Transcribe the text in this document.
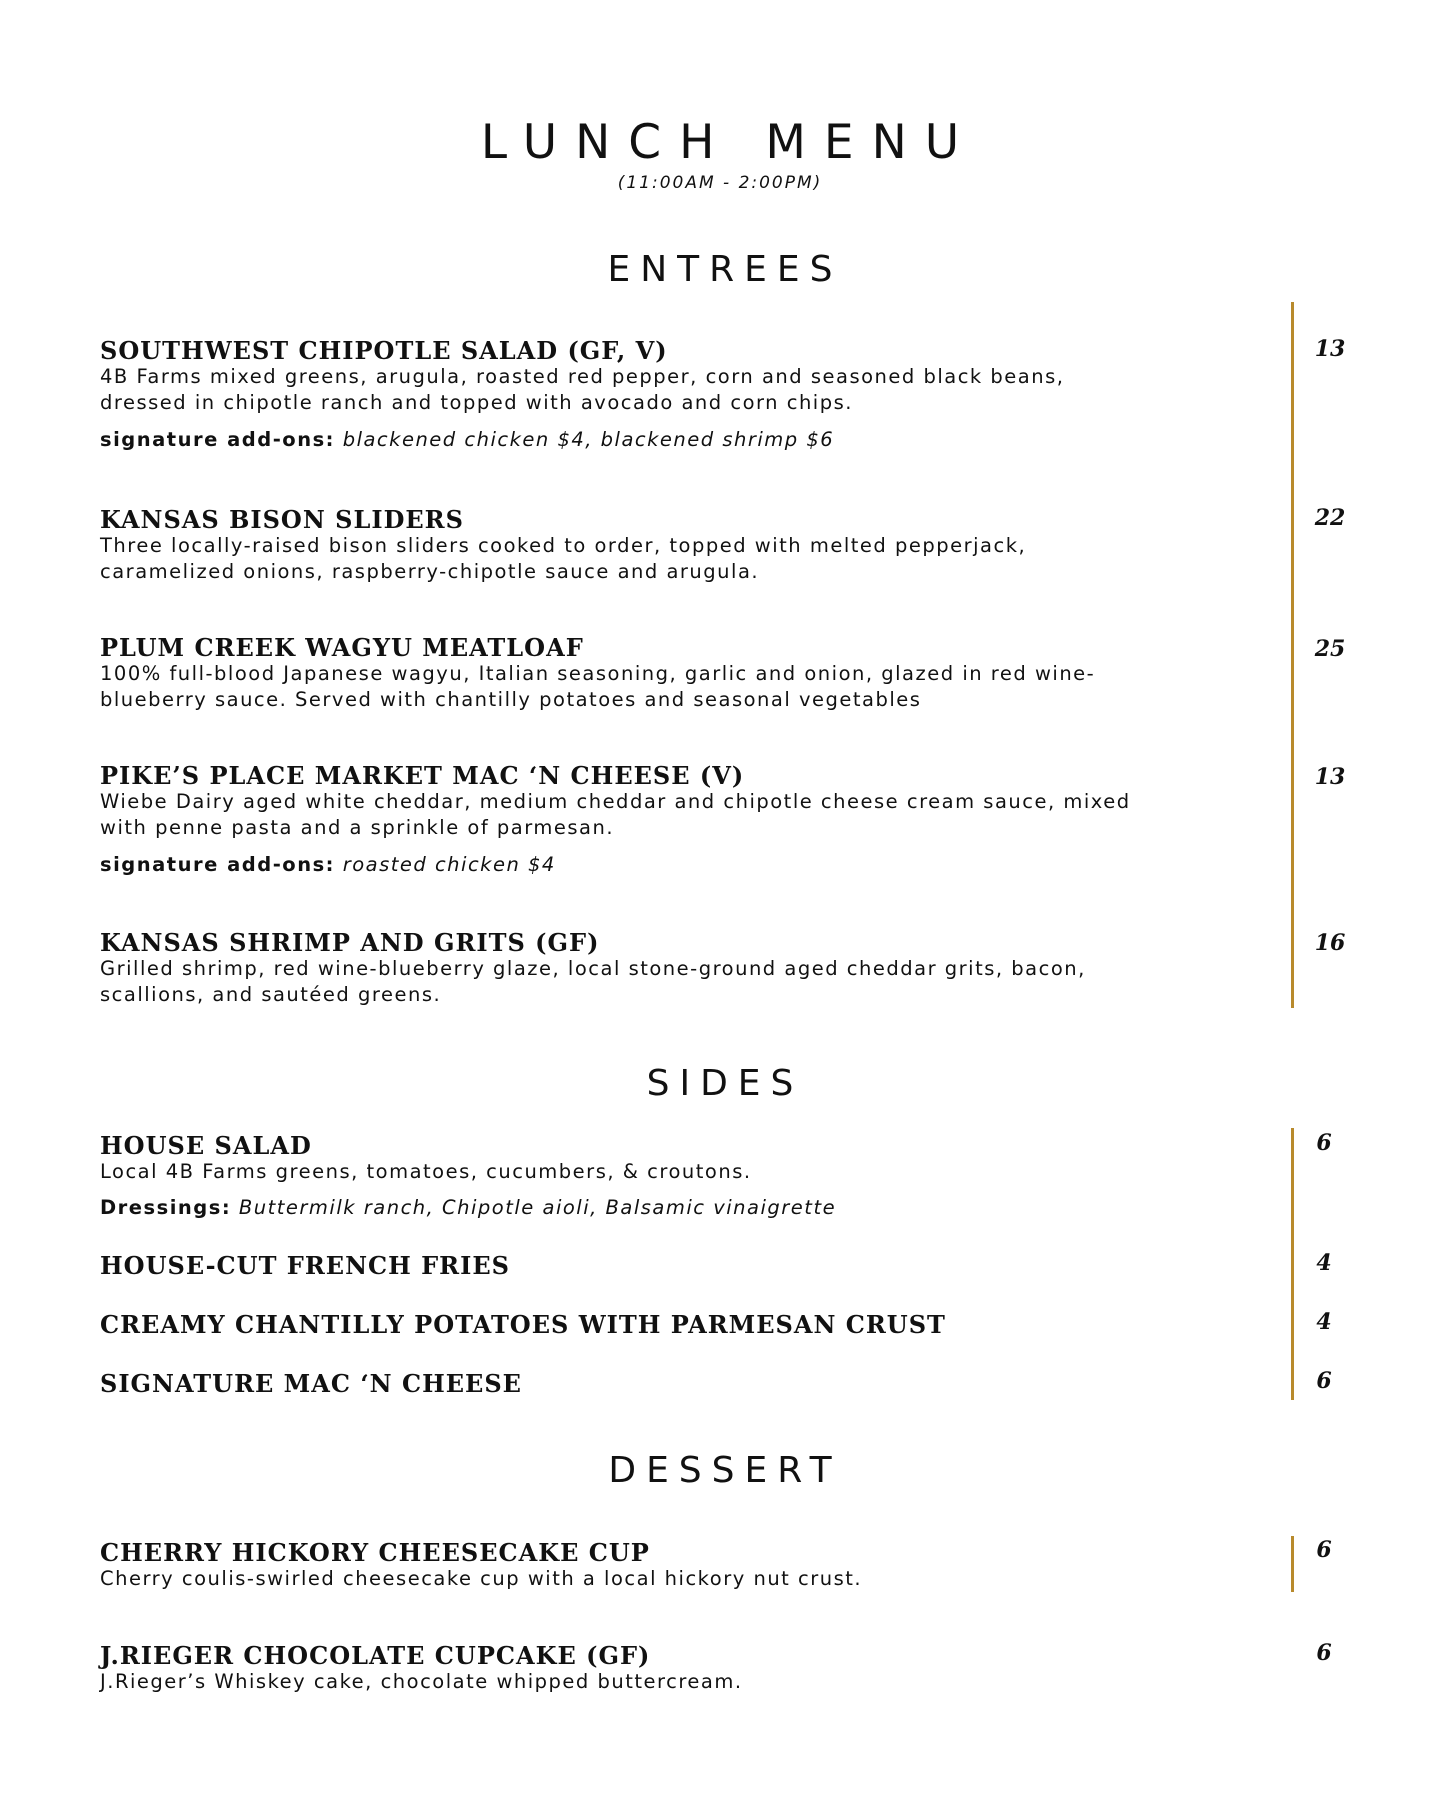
LUNCH MENU
(11:00AM - 2:00PM)
ENTREES
SOUTHWEST CHIPOTLE SALAD (GF, V)
4B Farms mixed greens, arugula, roasted red pepper, corn and seasoned black beans,
dressed in chipotle ranch and topped with avocado and corn chips.
signature add-ons: blackened chicken $4, blackened shrimp $6
13
KANSAS BISON SLIDERS
Three locally-raised bison sliders cooked to order, topped with melted pepperjack,
caramelized onions, raspberry-chipotle sauce and arugula.
22
PLUM CREEK WAGYU MEATLOAF
100% full-blood Japanese wagyu, Italian seasoning, garlic and onion, glazed in red wine-
blueberry sauce. Served with chantilly potatoes and seasonal vegetables
25
PIKE’S PLACE MARKET MAC ‘N CHEESE (V)
Wiebe Dairy aged white cheddar, medium cheddar and chipotle cheese cream sauce, mixed
with penne pasta and a sprinkle of parmesan.
signature add-ons: roasted chicken $4
13
KANSAS SHRIMP AND GRITS (GF)
Grilled shrimp, red wine-blueberry glaze, local stone-ground aged cheddar grits, bacon,
scallions, and sautéed greens.
16
SIDES
HOUSE SALAD
Local 4B Farms greens, tomatoes, cucumbers, & croutons.
Dressings: Buttermilk ranch, Chipotle aioli, Balsamic vinaigrette
6
HOUSE-CUT FRENCH FRIES	4
CREAMY CHANTILLY POTATOES WITH PARMESAN CRUST	4
SIGNATURE MAC ‘N CHEESE	6
DESSERT
CHERRY HICKORY CHEESECAKE CUP
Cherry coulis-swirled cheesecake cup with a local hickory nut crust.
6
J.RIEGER CHOCOLATE CUPCAKE (GF)
J.Rieger’s Whiskey cake, chocolate whipped buttercream.
6
